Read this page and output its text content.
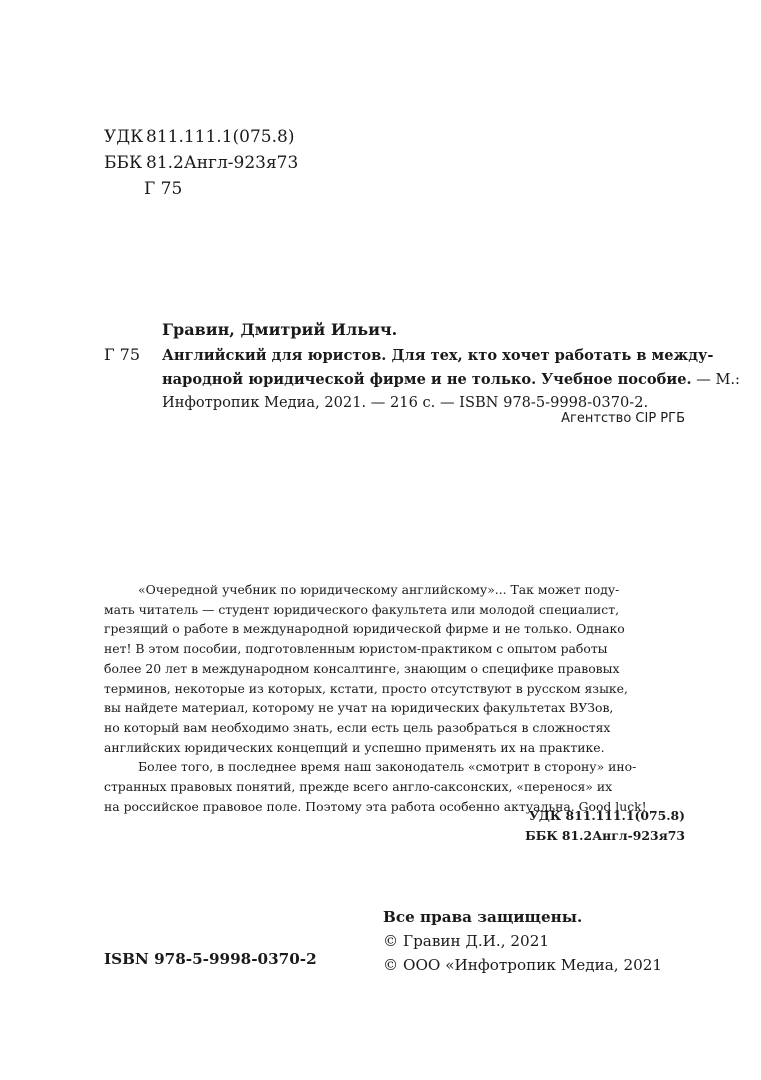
УДК 811.111.1(075.8)
ББК 81.2Англ-923я73
Г 75
Гравин, Дмитрий Ильич.
Г 75 Английский для юристов. Для тех, кто хочет работать в между-
народной юридической фирме и не только. Учебное пособие. — М.:
Инфотропик Медиа, 2021. — 216 с. — ISBN 978-5-9998-0370-2.
Агентство CIP РГБ
«Очередной учебник по юридическому английскому»... Так может поду-
мать читатель — студент юридического факультета или молодой специалист,
грезящий о работе в международной юридической фирме и не только. Однако
нет! В этом пособии, подготовленным юристом-практиком с опытом работы
более 20 лет в международном консалтинге, знающим о специфике правовых
терминов, некоторые из которых, кстати, просто отсутствуют в русском языке,
вы найдете материал, которому не учат на юридических факультетах ВУЗов,
но который вам необходимо знать, если есть цель разобраться в сложностях
английских юридических концепций и успешно применять их на практике.
Более того, в последнее время наш законодатель «смотрит в сторону» ино-
странных правовых понятий, прежде всего англо-саксонских, «перенося» их
на российское правовое поле. Поэтому эта работа особенно актуальна. Good luck!
УДК 811.111.1(075.8)
ББК 81.2Англ-923я73
Все права защищены.
© Гравин Д.И., 2021
© ООО «Инфотропик Медиа, 2021
ISBN 978-5-9998-0370-2
